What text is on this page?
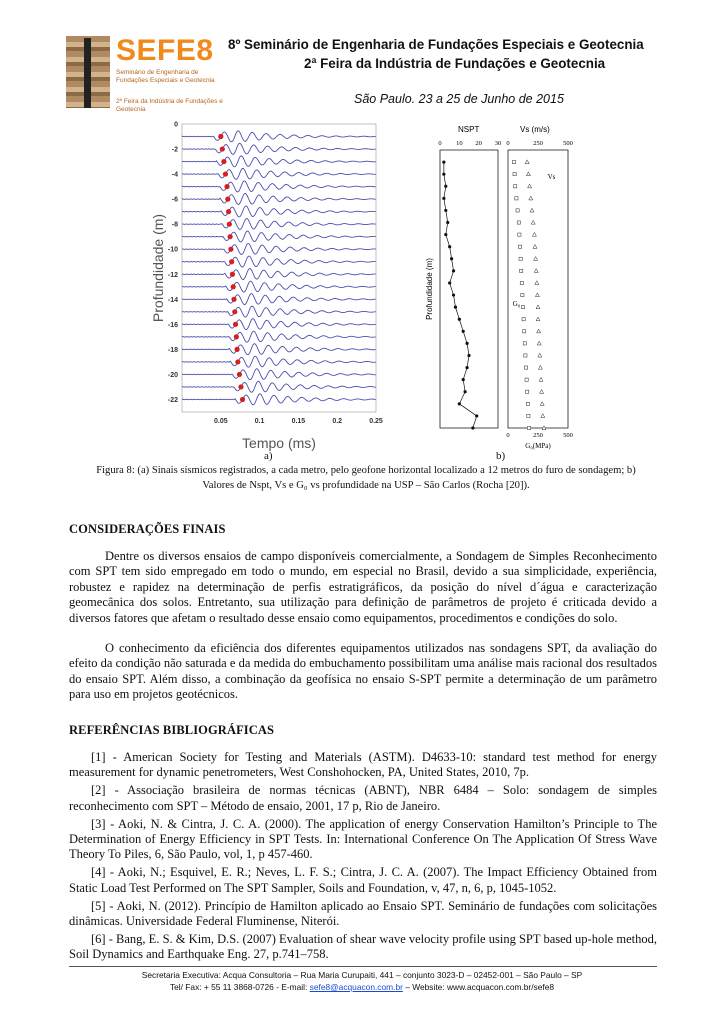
SEFE8
Seminário de Engenharia de Fundações Especiais e Geotecnia
2ª Feira da Indústria de Fundações e Geotecnia
8º Seminário de Engenharia de Fundações Especiais e Geotecnia
2ª Feira da Indústria de Fundações e Geotecnia
São Paulo. 23 a 25 de Junho de 2015
0
-2
-4
-6
-8
-10
-12
-14
-16
-18
-20
-22
0.05	0.1	0.15	0.2	0.25
Profundidade (m)
Tempo (ms)
NSPT
0 10 20 30
Profundidade (m)
Vs (m/s)
0	250	500
0	250	500
G₀(MPa)
Vs
G₀
a)	b)
Figura 8: (a) Sinais sísmicos registrados, a cada metro, pelo geofone horizontal localizado a 12 metros do furo de sondagem; b) Valores de Nspt, Vs e G₀ vs profundidade na USP – São Carlos (Rocha [20]).
CONSIDERAÇÕES FINAIS
Dentre os diversos ensaios de campo disponíveis comercialmente, a Sondagem de Simples Reconhecimento com SPT tem sido empregado em todo o mundo, em especial no Brasil, devido a sua simplicidade, experiência, robustez e rapidez na determinação de perfis estratigráficos, da posição do nível d´água e caracterização geomecânica dos solos. Entretanto, sua utilização para definição de parâmetros de projeto é criticada devido a diversos fatores que afetam o resultado desse ensaio como equipamentos, procedimentos e condições do solo.
O conhecimento da eficiência dos diferentes equipamentos utilizados nas sondagens SPT, da avaliação do efeito da condição não saturada e da medida do embuchamento possibilitam uma análise mais racional dos resultados do ensaio SPT. Além disso, a combinação da geofísica no ensaio S-SPT permite a determinação de um parâmetro para uso em projetos geotécnicos.
REFERÊNCIAS BIBLIOGRÁFICAS
[1] - American Society for Testing and Materials (ASTM). D4633-10: standard test method for energy measurement for dynamic penetrometers, West Conshohocken, PA, United States, 2010, 7p.
[2] - Associação brasileira de normas técnicas (ABNT), NBR 6484 – Solo: sondagem de simples reconhecimento com SPT – Método de ensaio, 2001, 17 p, Rio de Janeiro.
[3] - Aoki, N. & Cintra, J. C. A. (2000). The application of energy Conservation Hamilton’s Principle to The Determination of Energy Efficiency in SPT Tests. In: International Conference On The Application Of Stress Wave Theory To Piles, 6, São Paulo, vol, 1, p 457-460.
[4] - Aoki, N.; Esquivel, E. R.; Neves, L. F. S.; Cintra, J. C. A. (2007). The Impact Efficiency Obtained from Static Load Test Performed on The SPT Sampler, Soils and Foundation, v, 47, n, 6, p, 1045-1052.
[5] - Aoki, N. (2012). Princípio de Hamilton aplicado ao Ensaio SPT. Seminário de fundações com solicitações dinâmicas. Universidade Federal Fluminense, Niterói.
[6] - Bang, E. S. & Kim, D.S. (2007) Evaluation of shear wave velocity profile using SPT based up-hole method, Soil Dynamics and Earthquake Eng. 27, p.741–758.
Secretaria Executiva: Acqua Consultoria – Rua Maria Curupaiti, 441 – conjunto 3023-D – 02452-001 – São Paulo – SP
Tel/ Fax: + 55 11 3868-0726 - E-mail: sefe8@acquacon.com.br – Website: www.acquacon.com.br/sefe8
